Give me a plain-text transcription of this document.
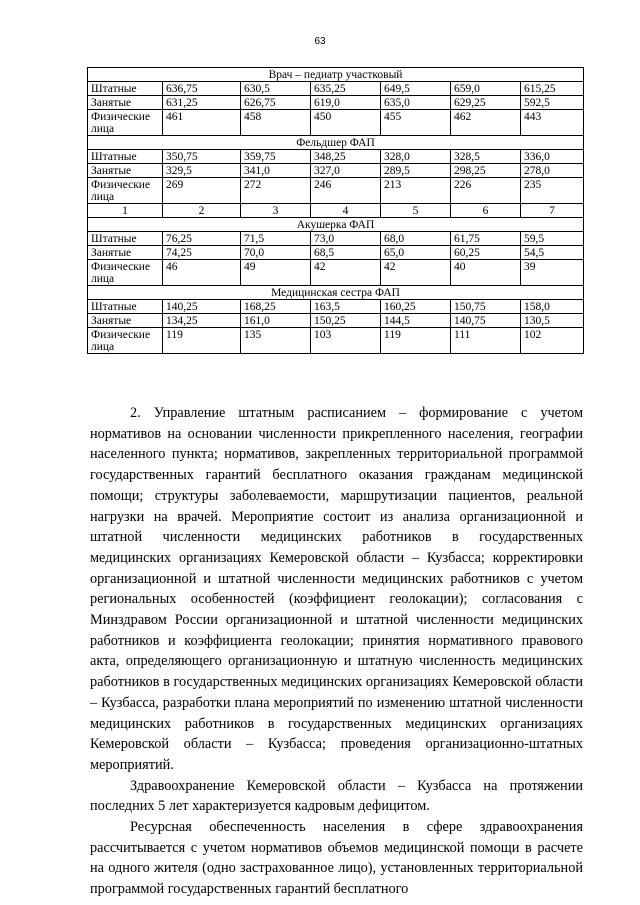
63
Врач – педиатр участковый						
Штатные	636,75	630,5	635,25	649,5	659,0	615,25
Занятые	631,25	626,75	619,0	635,0	629,25	592,5
Физические лица	461	458	450	455	462	443
Фельдшер ФАП						
Штатные	350,75	359,75	348,25	328,0	328,5	336,0
Занятые	329,5	341,0	327,0	289,5	298,25	278,0
Физические лица	269	272	246	213	226	235
1	2	3	4	5	6	7
Акушерка ФАП						
Штатные	76,25	71,5	73,0	68,0	61,75	59,5
Занятые	74,25	70,0	68,5	65,0	60,25	54,5
Физические лица	46	49	42	42	40	39
Медицинская сестра ФАП						
Штатные	140,25	168,25	163,5	160,25	150,75	158,0
Занятые	134,25	161,0	150,25	144,5	140,75	130,5
Физические лица	119	135	103	119	111	102

2. Управление штатным расписанием – формирование с учетом нормативов на основании численности прикрепленного населения, географии населенного пункта; нормативов, закрепленных территориальной программой государственных гарантий бесплатного оказания гражданам медицинской помощи; структуры заболеваемости, маршрутизации пациентов, реальной нагрузки на врачей. Мероприятие состоит из анализа организационной и штатной численности медицинских работников в государственных медицинских организациях Кемеровской области – Кузбасса; корректировки организационной и штатной численности медицинских работников с учетом региональных особенностей (коэффициент геолокации); согласования с Минздравом России организационной и штатной численности медицинских работников и коэффициента геолокации; принятия нормативного правового акта, определяющего организационную и штатную численность медицинских работников в государственных медицинских организациях Кемеровской области – Кузбасса, разработки плана мероприятий по изменению штатной численности медицинских работников в государственных медицинских организациях Кемеровской области – Кузбасса; проведения организационно-штатных мероприятий.

Здравоохранение Кемеровской области – Кузбасса на протяжении последних 5 лет характеризуется кадровым дефицитом.

Ресурсная обеспеченность населения в сфере здравоохранения рассчитывается с учетом нормативов объемов медицинской помощи в расчете на одного жителя (одно застрахованное лицо), установленных территориальной программой государственных гарантий бесплатного
